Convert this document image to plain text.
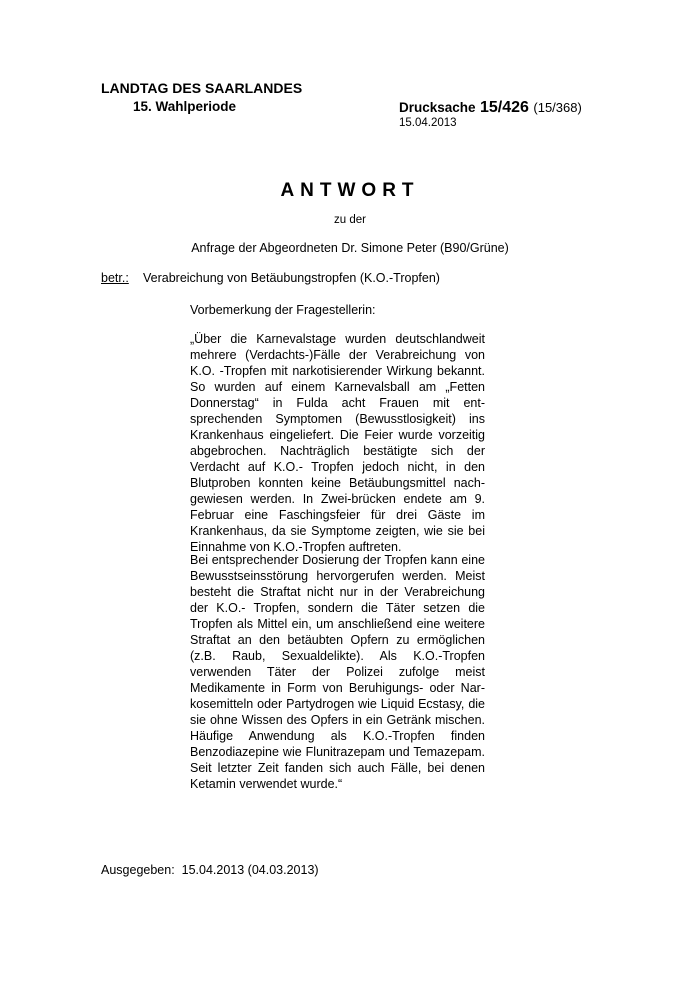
LANDTAG DES SAARLANDES
15. Wahlperiode	Drucksache 15/426 (15/368)
15.04.2013
ANTWORT
zu der
Anfrage der Abgeordneten Dr. Simone Peter (B90/Grüne)
betr.: Verabreichung von Betäubungstropfen (K.O.-Tropfen)
Vorbemerkung der Fragestellerin:

„Über die Karnevalstage wurden deutschlandweit mehrere (Verdachts-)Fälle der Verabreichung von K.O. -Tropfen mit narkotisierender Wirkung bekannt. So wurden auf einem Karnevalsball am „Fetten Donnerstag“ in Fulda acht Frauen mit entsprechenden Symptomen (Bewusstlosigkeit) ins Krankenhaus eingeliefert. Die Feier wurde vorzeitig abgebrochen. Nachträglich bestätigte sich der Verdacht auf K.O.- Tropfen jedoch nicht, in den Blutproben konnten keine Betäubungsmittel nachgewiesen werden. In Zwei-brücken endete am 9. Februar eine Faschingsfeier für drei Gäste im Krankenhaus, da sie Symptome zeigten, wie sie bei Einnahme von K.O.-Tropfen auftreten.

Bei entsprechender Dosierung der Tropfen kann eine Bewusstseinsstörung hervorgerufen werden. Meist besteht die Straftat nicht nur in der Verabreichung der K.O.- Tropfen, sondern die Täter setzen die Tropfen als Mittel ein, um anschließend eine weitere Straftat an den betäubten Opfern zu ermöglichen (z.B. Raub, Sexualdelikte). Als K.O.-Tropfen verwenden Täter der Polizei zufolge meist Medikamente in Form von Beruhigungs- oder Narkosemitteln oder Partydrogen wie Liquid Ecstasy, die sie ohne Wissen des Opfers in ein Getränk mischen. Häufige Anwendung als K.O.-Tropfen finden Benzodiazepine wie Flunitrazepam und Temazepam. Seit letzter Zeit fanden sich auch Fälle, bei denen Ketamin verwendet wurde.“

Ausgegeben: 15.04.2013 (04.03.2013)
